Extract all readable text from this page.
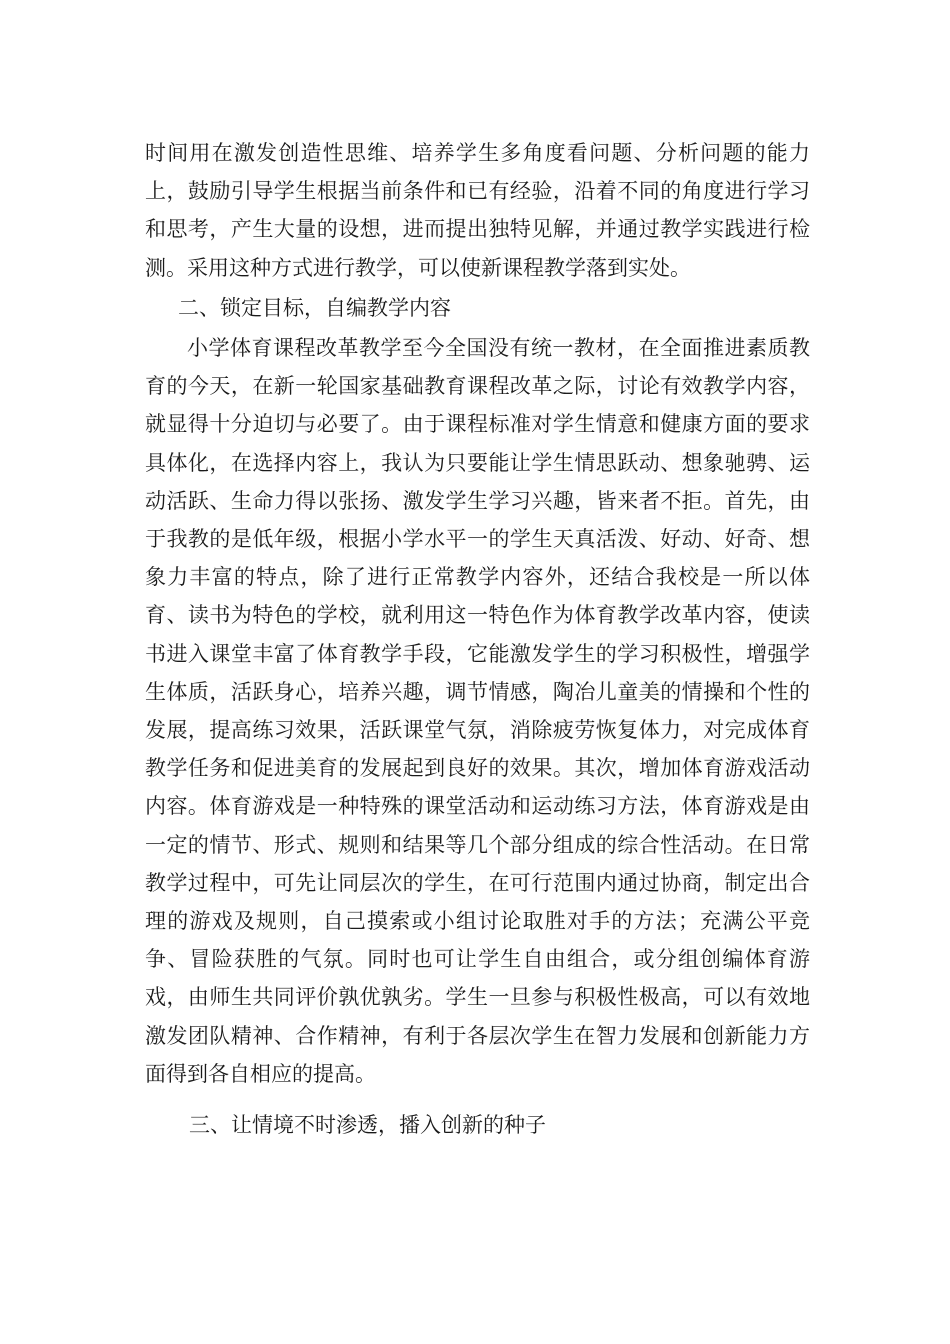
时间用在激发创造性思维、培养学生多角度看问题、分析问题的能力上，鼓励引导学生根据当前条件和已有经验，沿着不同的角度进行学习和思考，产生大量的设想，进而提出独特见解，并通过教学实践进行检测。采用这种方式进行教学，可以使新课程教学落到实处。

二、锁定目标，自编教学内容

小学体育课程改革教学至今全国没有统一教材，在全面推进素质教育的今天，在新一轮国家基础教育课程改革之际，讨论有效教学内容，就显得十分迫切与必要了。由于课程标准对学生情意和健康方面的要求具体化，在选择内容上，我认为只要能让学生情思跃动、想象驰骋、运动活跃、生命力得以张扬、激发学生学习兴趣，皆来者不拒。首先，由于我教的是低年级，根据小学水平一的学生天真活泼、好动、好奇、想象力丰富的特点，除了进行正常教学内容外，还结合我校是一所以体育、读书为特色的学校，就利用这一特色作为体育教学改革内容，使读书进入课堂丰富了体育教学手段，它能激发学生的学习积极性，增强学生体质，活跃身心，培养兴趣，调节情感，陶冶儿童美的情操和个性的发展，提高练习效果，活跃课堂气氛，消除疲劳恢复体力，对完成体育教学任务和促进美育的发展起到良好的效果。其次，增加体育游戏活动内容。体育游戏是一种特殊的课堂活动和运动练习方法，体育游戏是由一定的情节、形式、规则和结果等几个部分组成的综合性活动。在日常教学过程中，可先让同层次的学生，在可行范围内通过协商，制定出合理的游戏及规则，自己摸索或小组讨论取胜对手的方法；充满公平竞争、冒险获胜的气氛。同时也可让学生自由组合，或分组创编体育游戏，由师生共同评价孰优孰劣。学生一旦参与积极性极高，可以有效地激发团队精神、合作精神，有利于各层次学生在智力发展和创新能力方面得到各自相应的提高。

三、让情境不时渗透，播入创新的种子
